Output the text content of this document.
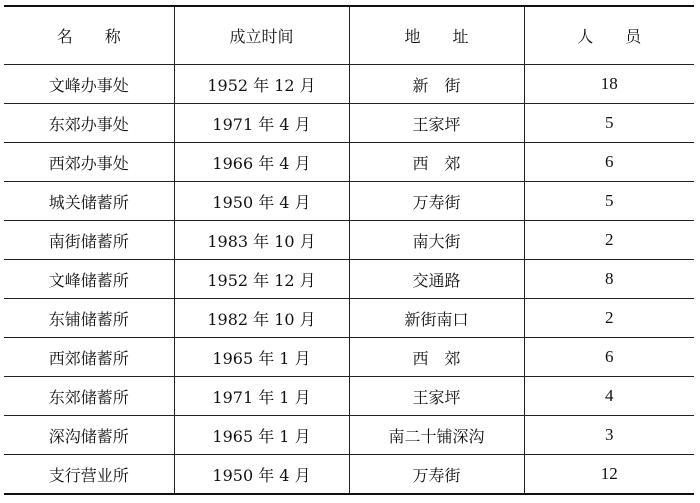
名　　称	成立时间	地　　址	人　　员
文峰办事处	1952 年 12 月	新　街	18
东郊办事处	1971 年 4 月	王家坪	5
西郊办事处	1966 年 4 月	西　郊	6
城关储蓄所	1950 年 4 月	万寿街	5
南街储蓄所	1983 年 10 月	南大街	2
文峰储蓄所	1952 年 12 月	交通路	8
东铺储蓄所	1982 年 10 月	新街南口	2
西郊储蓄所	1965 年 1 月	西　郊	6
东郊储蓄所	1971 年 1 月	王家坪	4
深沟储蓄所	1965 年 1 月	南二十铺深沟	3
支行营业所	1950 年 4 月	万寿街	12
